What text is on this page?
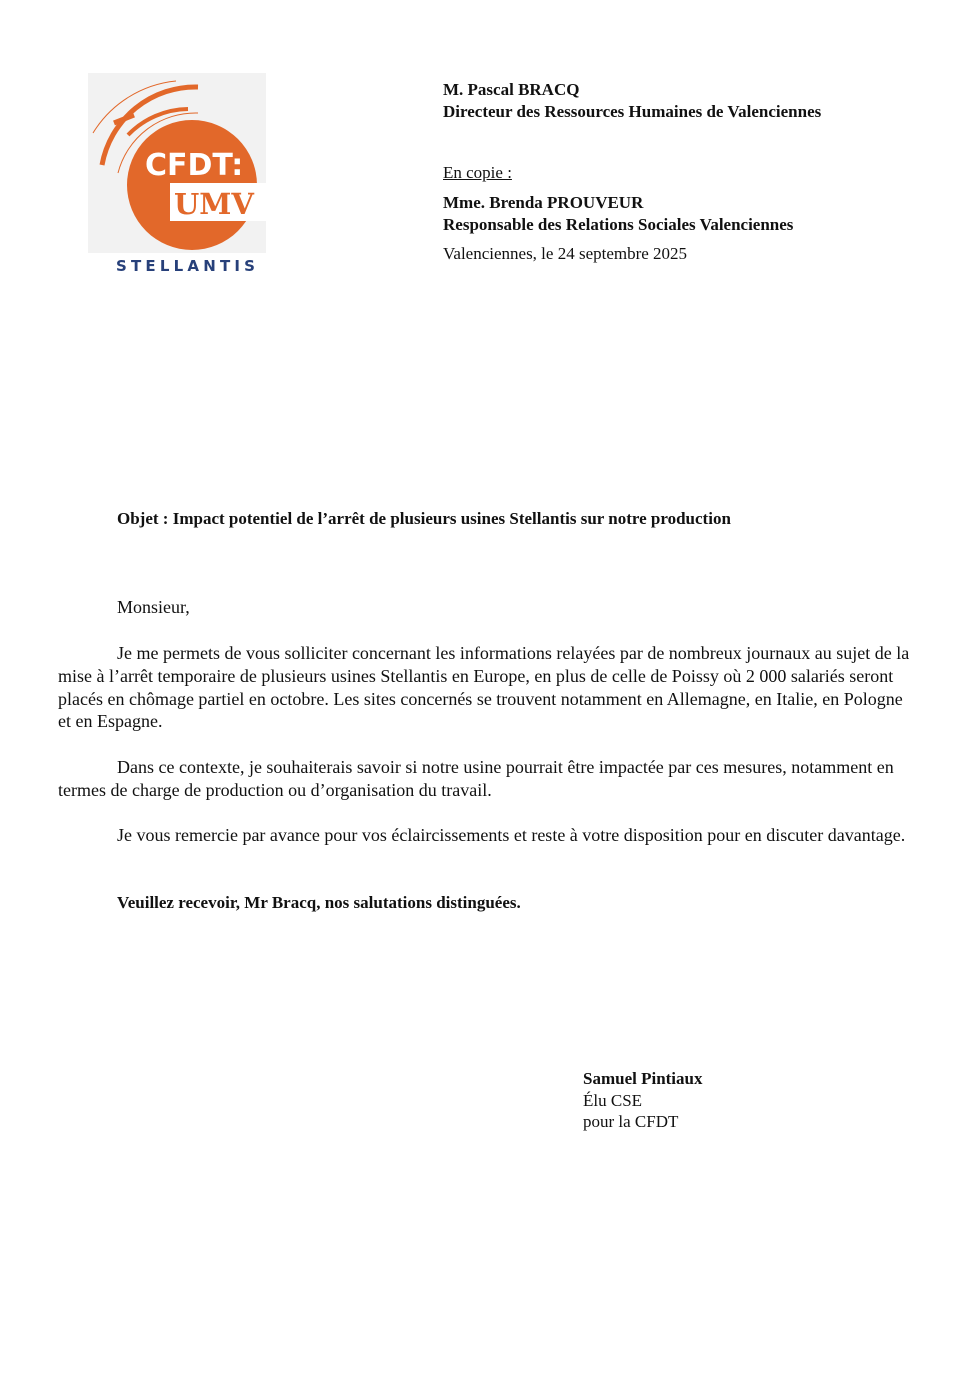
CFDT:
UMV
STELLANTIS
M. Pascal BRACQ
Directeur des Ressources Humaines de Valenciennes
En copie :
Mme. Brenda PROUVEUR
Responsable des Relations Sociales Valenciennes
Valenciennes, le 24 septembre 2025
Objet : Impact potentiel de l’arrêt de plusieurs usines Stellantis sur notre production
Monsieur,
Je me permets de vous solliciter concernant les informations relayées par de nombreux journaux au sujet de la mise à l’arrêt temporaire de plusieurs usines Stellantis en Europe, en plus de celle de Poissy où 2 000 salariés seront placés en chômage partiel en octobre. Les sites concernés se trouvent notamment en Allemagne, en Italie, en Pologne et en Espagne.
Dans ce contexte, je souhaiterais savoir si notre usine pourrait être impactée par ces mesures, notamment en termes de charge de production ou d’organisation du travail.
Je vous remercie par avance pour vos éclaircissements et reste à votre disposition pour en discuter davantage.
Veuillez recevoir, Mr Bracq, nos salutations distinguées.
Samuel Pintiaux
Élu CSE
pour la CFDT
